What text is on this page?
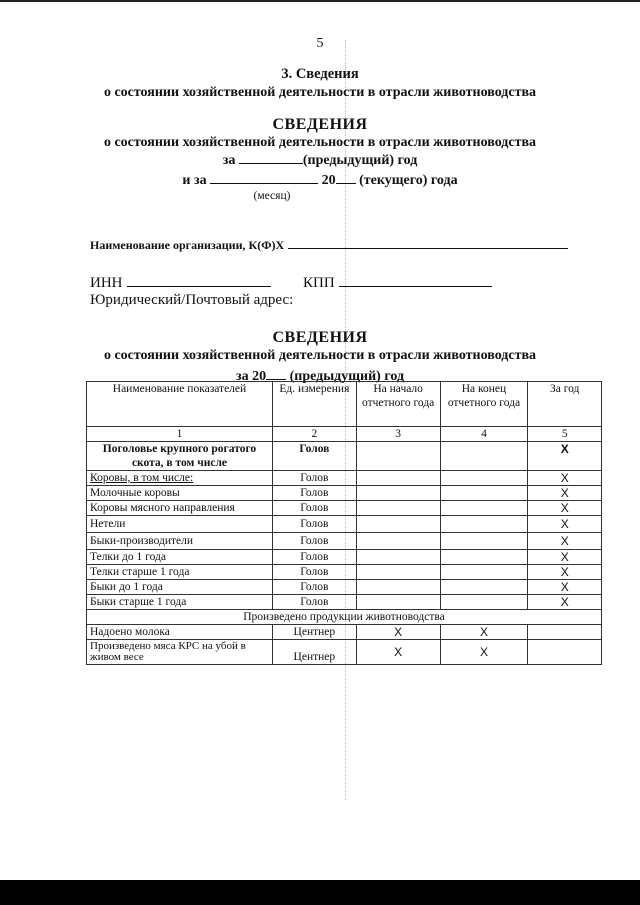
5
3. Сведения
о состоянии хозяйственной деятельности в отрасли животноводства
СВЕДЕНИЯ
о состоянии хозяйственной деятельности в отрасли животноводства
за	(предыдущий) год
и за	20 (текущего) года
(месяц)
Наименование организации, К(Ф)Х
ИНН	КПП
Юридический/Почтовый адрес:
СВЕДЕНИЯ
о состоянии хозяйственной деятельности в отрасли животноводства
за 20 (предыдущий) год
Наименование показателей	Ед. измерения	На начало отчетного года	На конец отчетного года	За год
1	2	3	4	5
Поголовье крупного рогатого скота, в том числе	Голов			X
Коровы, в том числе:	Голов			X
Молочные коровы	Голов			X
Коровы мясного направления	Голов			X
Нетели	Голов			X
Быки-производители	Голов			X
Телки до 1 года	Голов			X
Телки старше 1 года	Голов			X
Быки до 1 года	Голов			X
Быки старше 1 года	Голов			X
Произведено продукции животноводства				
Надоено молока	Центнер	X	X	
Произведено мяса КРС на убой в живом весе	Центнер	X	X	
